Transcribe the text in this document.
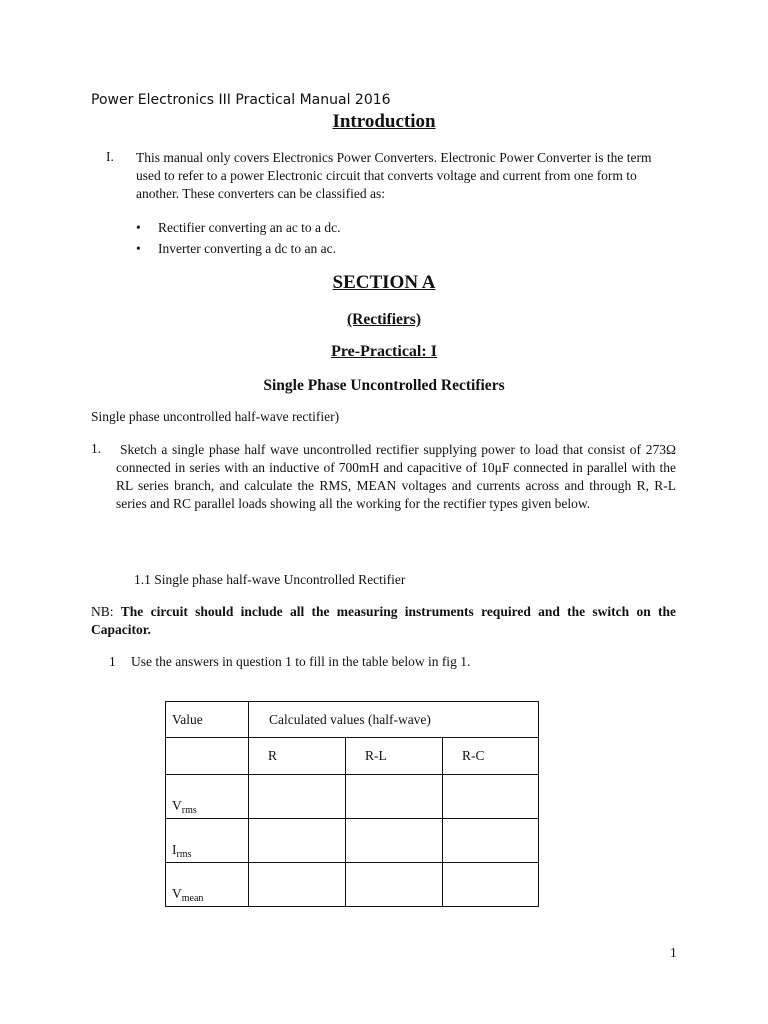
Power Electronics III Practical Manual 2016
Introduction
I. This manual only covers Electronics Power Converters. Electronic Power Converter is the term used to refer to a power Electronic circuit that converts voltage and current from one form to another. These converters can be classified as:
• Rectifier converting an ac to a dc.
• Inverter converting a dc to an ac.
SECTION A
(Rectifiers)
Pre-Practical: I
Single Phase Uncontrolled Rectifiers
Single phase uncontrolled half-wave rectifier)
1. Sketch a single phase half wave uncontrolled rectifier supplying power to load that consist of 273Ω connected in series with an inductive of 700mH and capacitive of 10μF connected in parallel with the RL series branch, and calculate the RMS, MEAN voltages and currents across and through R, R-L series and RC parallel loads showing all the working for the rectifier types given below.
1.1 Single phase half-wave Uncontrolled Rectifier
NB: The circuit should include all the measuring instruments required and the switch on the Capacitor.
1 Use the answers in question 1 to fill in the table below in fig 1.
Value	Calculated values (half-wave)		
	R	R-L	R-C
$V_{rms}$			
$I_{rms}$			
$V_{mean}$			
1
